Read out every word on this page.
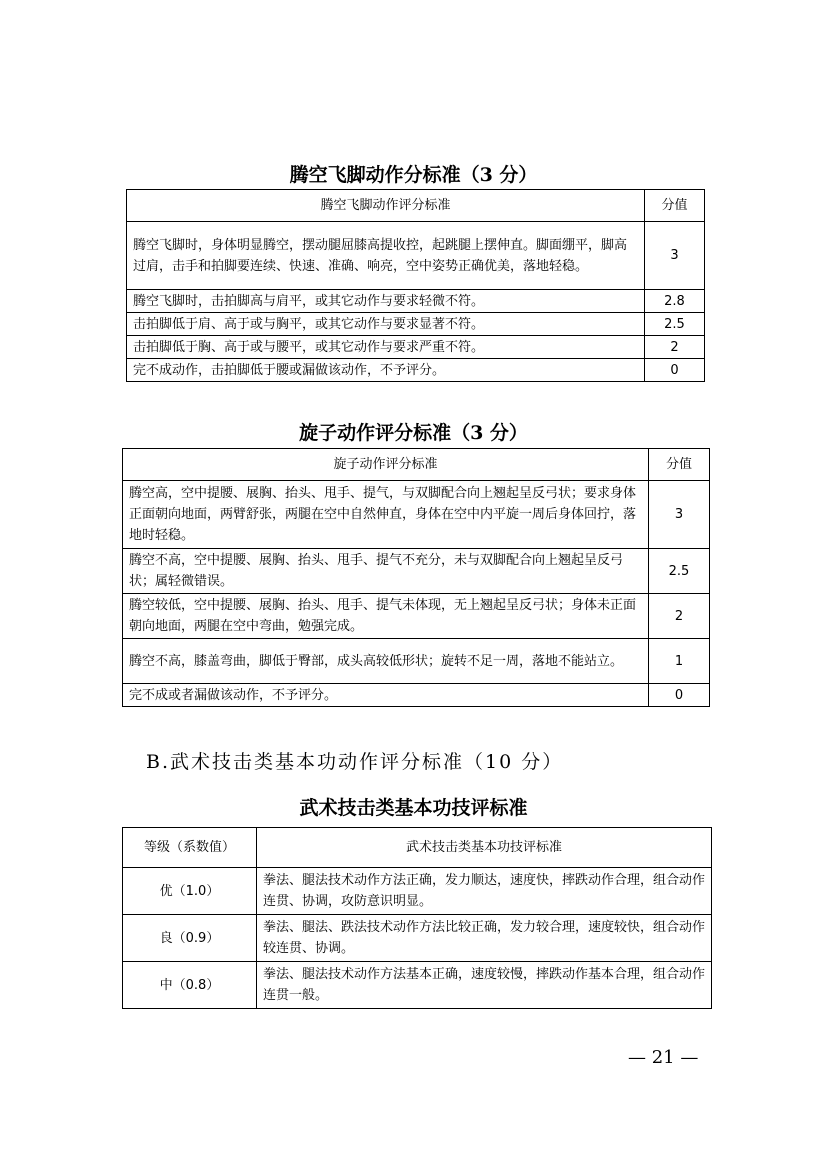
腾空飞脚动作分标准（3 分）
腾空飞脚动作评分标准	分值
腾空飞脚时，身体明显腾空，摆动腿屈膝高提收控，起跳腿上摆伸直。脚面绷平，脚高过肩，击手和拍脚要连续、快速、准确、响亮，空中姿势正确优美，落地轻稳。	3
腾空飞脚时，击拍脚高与肩平，或其它动作与要求轻微不符。	2.8
击拍脚低于肩、高于或与胸平，或其它动作与要求显著不符。	2.5
击拍脚低于胸、高于或与腰平，或其它动作与要求严重不符。	2
完不成动作，击拍脚低于腰或漏做该动作，不予评分。	0
旋子动作评分标准（3 分）
旋子动作评分标准	分值
腾空高，空中提腰、展胸、抬头、甩手、提气，与双脚配合向上翘起呈反弓状；要求身体正面朝向地面，两臂舒张，两腿在空中自然伸直，身体在空中内平旋一周后身体回拧，落地时轻稳。	3
腾空不高，空中提腰、展胸、抬头、甩手、提气不充分，未与双脚配合向上翘起呈反弓状；属轻微错误。	2.5
腾空较低，空中提腰、展胸、抬头、甩手、提气未体现，无上翘起呈反弓状；身体未正面朝向地面，两腿在空中弯曲，勉强完成。	2
腾空不高，膝盖弯曲，脚低于臀部，成头高较低形状；旋转不足一周，落地不能站立。	1
完不成或者漏做该动作，不予评分。	0
B.武术技击类基本功动作评分标准（10 分）
武术技击类基本功技评标准
等级（系数值）	武术技击类基本功技评标准
优（1.0）	拳法、腿法技术动作方法正确，发力顺达，速度快，摔跌动作合理，组合动作连贯、协调，攻防意识明显。
良（0.9）	拳法、腿法、跌法技术动作方法比较正确，发力较合理，速度较快，组合动作较连贯、协调。
中（0.8）	拳法、腿法技术动作方法基本正确，速度较慢，摔跌动作基本合理，组合动作连贯一般。
— 21 —
